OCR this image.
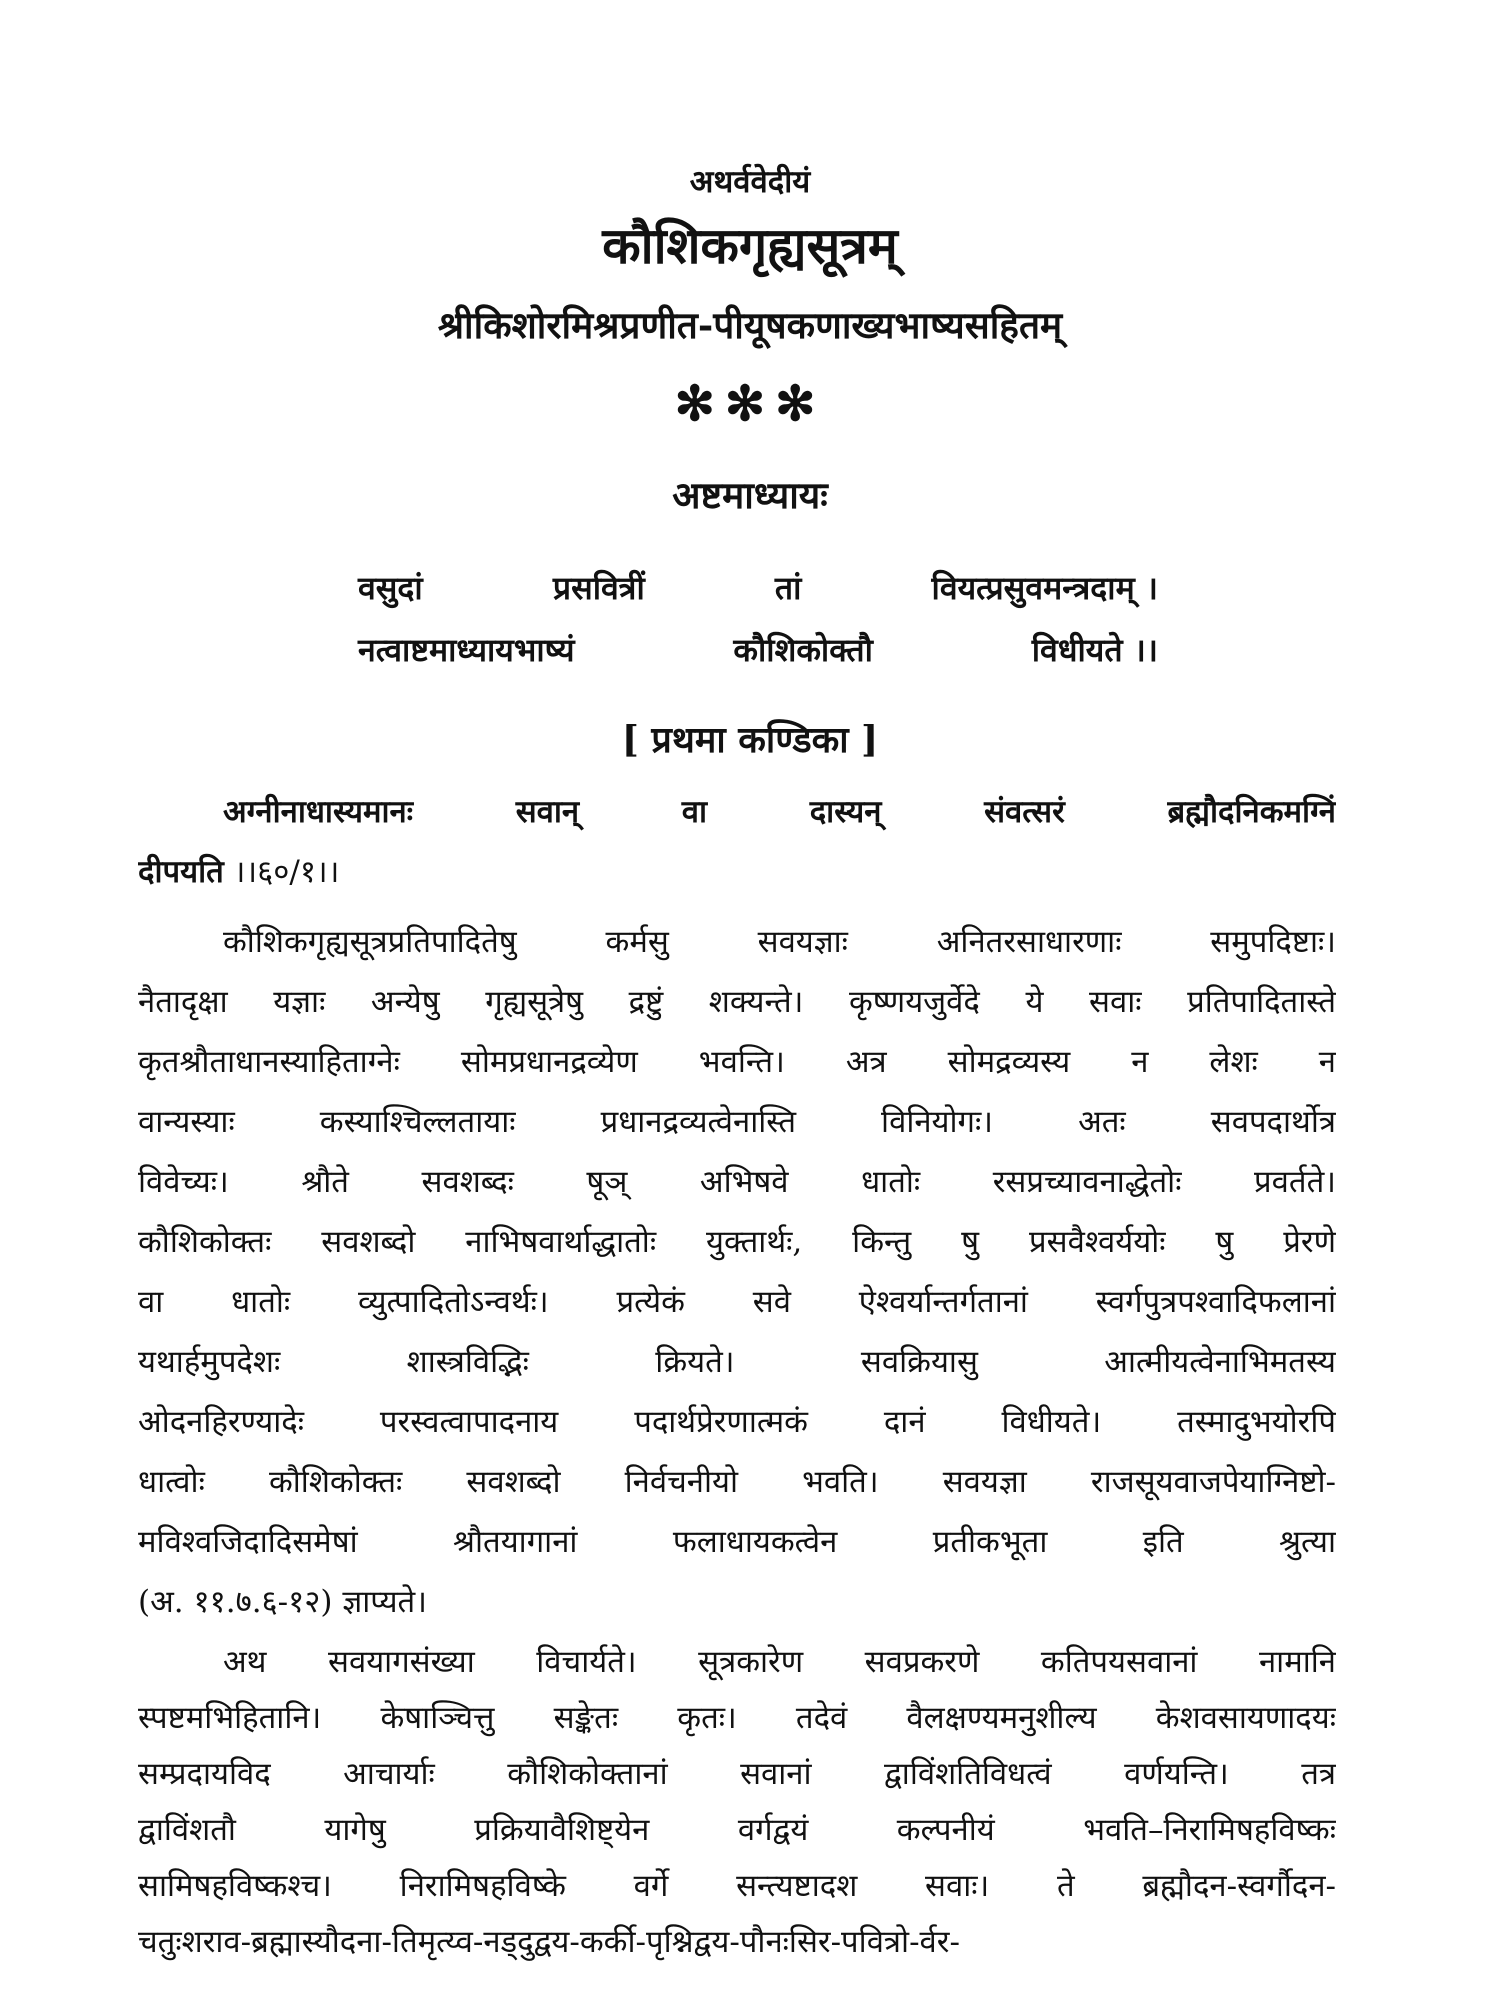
अथर्ववेदीयं
कौशिकगृह्यसूत्रम्
श्रीकिशोरमिश्रप्रणीत-पीयूषकणाख्यभाष्यसहितम्
✻✻✻
अष्टमाध्यायः
वसुदां	प्रसवित्रीं	तां	वियत्प्रसुवमन्त्रदाम् ।
नत्वाष्टमाध्यायभाष्यं	कौशिकोक्तौ	विधीयते ।।
[ प्रथमा कण्डिका ]
अग्नीनाधास्यमानः सवान् वा दास्यन् संवत्सरं ब्रह्मौदनिकमग्निं
दीपयति ।।६०/१।।
कौशिकगृह्यसूत्रप्रतिपादितेषु कर्मसु सवयज्ञाः अनितरसाधारणाः समुपदिष्टाः।
नैतादृक्षा यज्ञाः अन्येषु गृह्यसूत्रेषु द्रष्टुं शक्यन्ते। कृष्णयजुर्वेदे ये सवाः प्रतिपादितास्ते
कृतश्रौताधानस्याहिताग्नेः सोमप्रधानद्रव्येण भवन्ति। अत्र सोमद्रव्यस्य न लेशः न
वान्यस्याः कस्याश्चिल्लतायाः प्रधानद्रव्यत्वेनास्ति विनियोगः। अतः सवपदार्थोत्र
विवेच्यः। श्रौते सवशब्दः षूञ् अभिषवे धातोः रसप्रच्यावनाद्धेतोः प्रवर्तते।
कौशिकोक्तः सवशब्दो नाभिषवार्थाद्धातोः युक्तार्थः, किन्तु षु प्रसवैश्वर्ययोः षु प्रेरणे
वा धातोः व्युत्पादितोऽन्वर्थः। प्रत्येकं सवे ऐश्वर्यान्तर्गतानां स्वर्गपुत्रपश्वादिफलानां
यथार्हमुपदेशः शास्त्रविद्भिः क्रियते। सवक्रियासु आत्मीयत्वेनाभिमतस्य
ओदनहिरण्यादेः परस्वत्वापादनाय पदार्थप्रेरणात्मकं दानं विधीयते। तस्मादुभयोरपि
धात्वोः कौशिकोक्तः सवशब्दो निर्वचनीयो भवति। सवयज्ञा राजसूयवाजपेयाग्निष्टो-
मविश्वजिदादिसमेषां श्रौतयागानां फलाधायकत्वेन प्रतीकभूता इति श्रुत्या
(अ. ११.७.६-१२) ज्ञाप्यते।
अथ सवयागसंख्या विचार्यते। सूत्रकारेण सवप्रकरणे कतिपयसवानां नामानि
स्पष्टमभिहितानि। केषाञ्चित्तु सङ्केतः कृतः। तदेवं वैलक्षण्यमनुशील्य केशवसायणादयः
सम्प्रदायविद आचार्याः कौशिकोक्तानां सवानां द्वाविंशतिविधत्वं वर्णयन्ति। तत्र
द्वाविंशतौ यागेषु प्रक्रियावैशिष्ट्येन वर्गद्वयं कल्पनीयं भवति–निरामिषहविष्कः
सामिषहविष्कश्च। निरामिषहविष्के वर्गे सन्त्यष्टादश सवाः। ते ब्रह्मौदन-स्वर्गौदन-
चतुःशराव-ब्रह्मास्यौदना-तिमृत्य्व-नड्दुद्वय-कर्की-पृश्निद्वय-पौनःसिर-पवित्रो-र्वर-
